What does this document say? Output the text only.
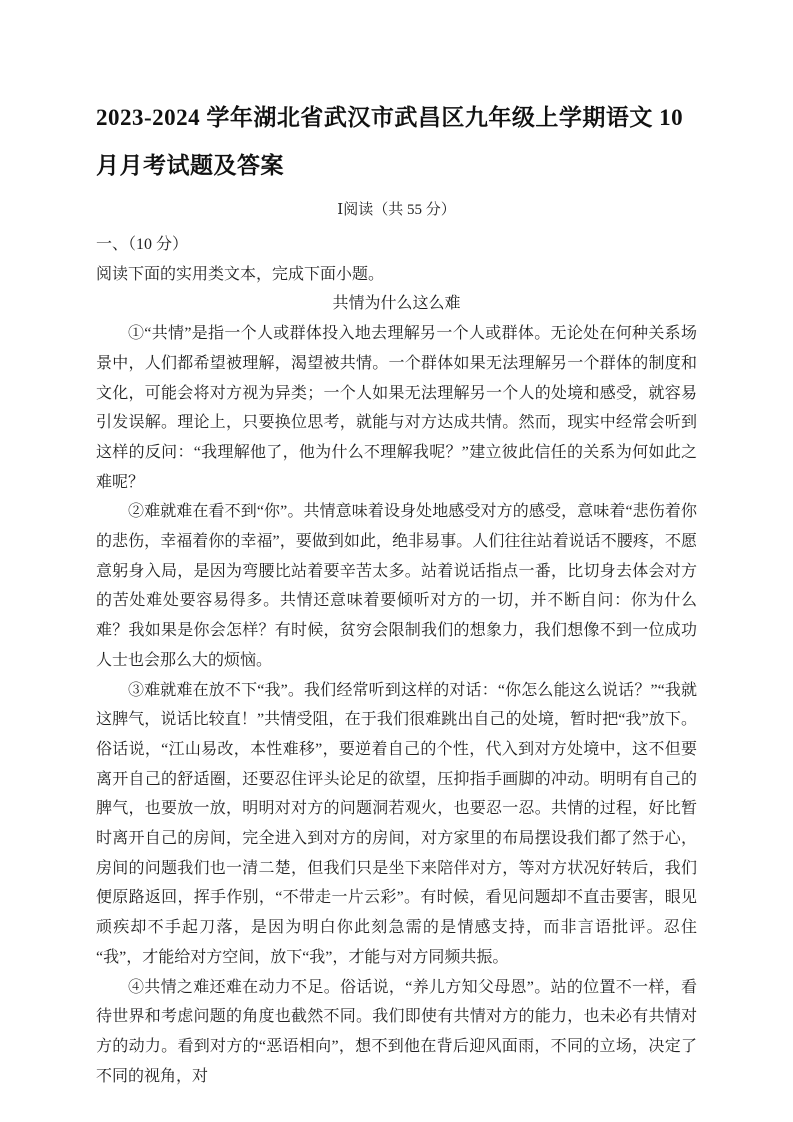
2023-2024 学年湖北省武汉市武昌区九年级上学期语文 10 月月考试题及答案
Ⅰ阅读（共 55 分）

一、（10 分）

阅读下面的实用类文本，完成下面小题。

共情为什么这么难

①“共情”是指一个人或群体投入地去理解另一个人或群体。无论处在何种关系场景中，人们都希望被理解，渴望被共情。一个群体如果无法理解另一个群体的制度和文化，可能会将对方视为异类；一个人如果无法理解另一个人的处境和感受，就容易引发误解。理论上，只要换位思考，就能与对方达成共情。然而，现实中经常会听到这样的反问：“我理解他了，他为什么不理解我呢？”建立彼此信任的关系为何如此之难呢？

②难就难在看不到“你”。共情意味着设身处地感受对方的感受，意味着“悲伤着你的悲伤，幸福着你的幸福”，要做到如此，绝非易事。人们往往站着说话不腰疼，不愿意躬身入局，是因为弯腰比站着要辛苦太多。站着说话指点一番，比切身去体会对方的苦处难处要容易得多。共情还意味着要倾听对方的一切，并不断自问：你为什么难？我如果是你会怎样？有时候，贫穷会限制我们的想象力，我们想像不到一位成功人士也会那么大的烦恼。

③难就难在放不下“我”。我们经常听到这样的对话：“你怎么能这么说话？”“我就这脾气，说话比较直！”共情受阻，在于我们很难跳出自己的处境，暂时把“我”放下。俗话说，“江山易改，本性难移”，要逆着自己的个性，代入到对方处境中，这不但要离开自己的舒适圈，还要忍住评头论足的欲望，压抑指手画脚的冲动。明明有自己的脾气，也要放一放，明明对对方的问题洞若观火，也要忍一忍。共情的过程，好比暂时离开自己的房间，完全进入到对方的房间，对方家里的布局摆设我们都了然于心，房间的问题我们也一清二楚，但我们只是坐下来陪伴对方，等对方状况好转后，我们便原路返回，挥手作别，“不带走一片云彩”。有时候，看见问题却不直击要害，眼见顽疾却不手起刀落，是因为明白你此刻急需的是情感支持，而非言语批评。忍住“我”，才能给对方空间，放下“我”，才能与对方同频共振。

④共情之难还难在动力不足。俗话说，“养儿方知父母恩”。站的位置不一样，看待世界和考虑问题的角度也截然不同。我们即使有共情对方的能力，也未必有共情对方的动力。看到对方的“恶语相向”，想不到他在背后迎风面雨，不同的立场，决定了不同的视角，对
